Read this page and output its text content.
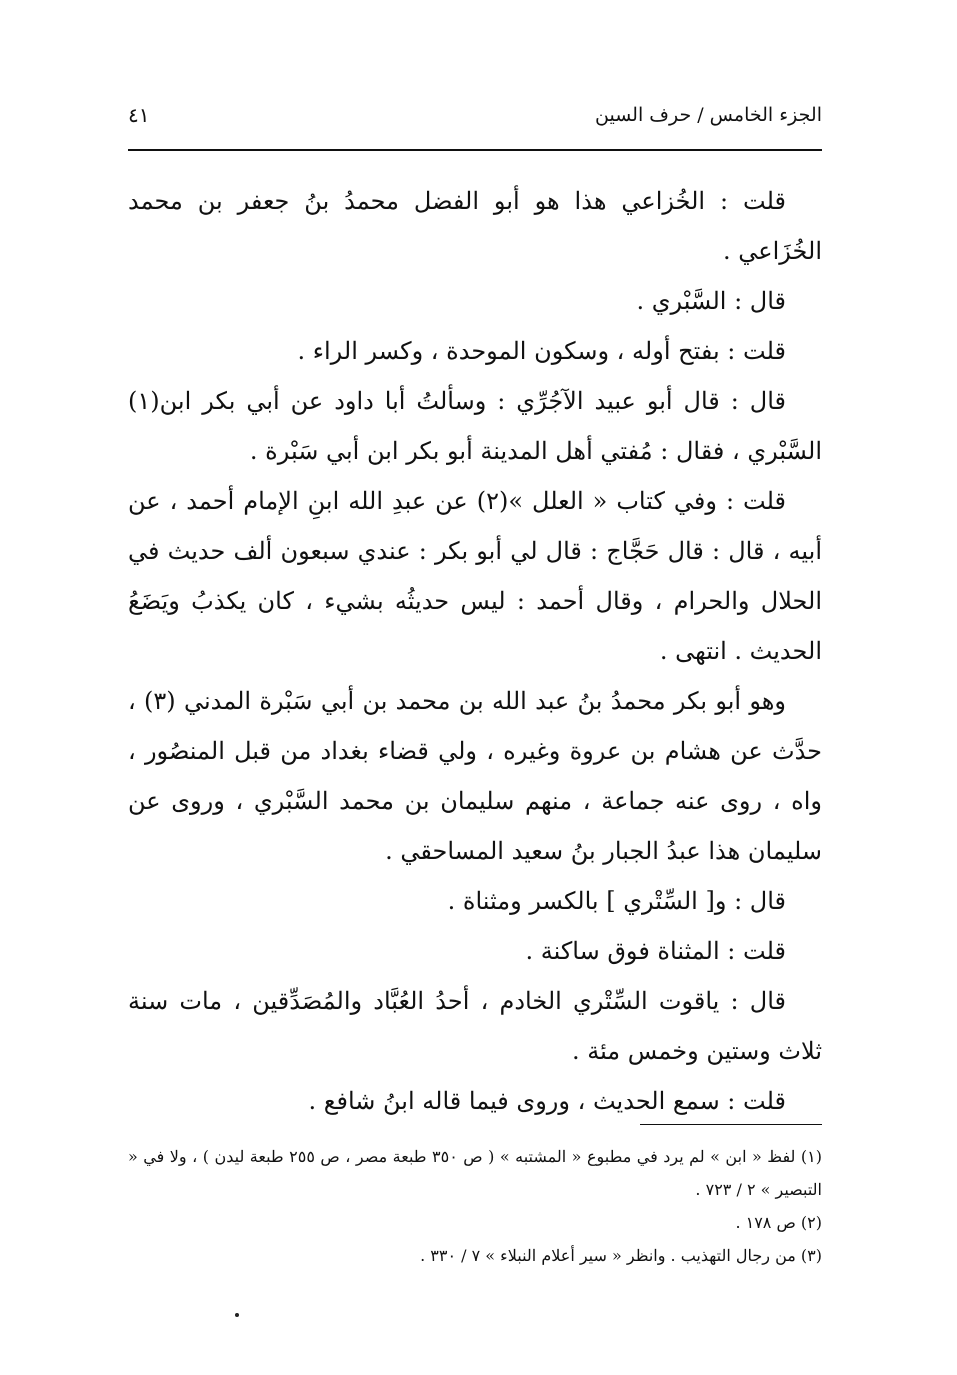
الجزء الخامس / حرف السين
٤١

قلت : الخُزاعي هذا هو أبو الفضل محمدُ بنُ جعفر بن محمد الخُزَاعي .

قال : السَّبْري .

قلت : بفتح أوله ، وسكون الموحدة ، وكسر الراء .

قال : قال أبو عبيد الآجُرِّي : وسألتُ أبا داود عن أبي بكر ابن(١) السَّبْري ، فقال : مُفتي أهل المدينة أبو بكر ابن أبي سَبْرة .

قلت : وفي كتاب « العلل »(٢) عن عبدِ الله ابنِ الإمام أحمد ، عن أبيه ، قال : قال حَجَّاج : قال لي أبو بكر : عندي سبعون ألف حديث في الحلال والحرام ، وقال أحمد : ليس حديثُه بشيء ، كان يكذبُ ويَضَعُ الحديث . انتهى .

وهو أبو بكر محمدُ بنُ عبد الله بن محمد بن أبي سَبْرة المدني (٣) ، حدَّث عن هشام بن عروة وغيره ، ولي قضاء بغداد من قبل المنصُور ، واه ، روى عنه جماعة ، منهم سليمان بن محمد السَّبْري ، وروى عن سليمان هذا عبدُ الجبار بنُ سعيد المساحقي .

قال : و[ السِّتْري ] بالكسر ومثناة .

قلت : المثناة فوق ساكنة .

قال : ياقوت السِّتْري الخادم ، أحدُ العُبَّاد والمُصَدِّقين ، مات سنة ثلاث وستين وخمس مئة .

قلت : سمع الحديث ، وروى فيما قاله ابنُ شافع .

(١) لفظ « ابن » لم يرد في مطبوع « المشتبه » ( ص ٣٥٠ طبعة مصر ، ص ٢٥٥ طبعة ليدن ) ، ولا في « التبصير » ٢ / ٧٢٣ .

(٢) ص ١٧٨ .

(٣) من رجال التهذيب . وانظر « سير أعلام النبلاء » ٧ / ٣٣٠ .
